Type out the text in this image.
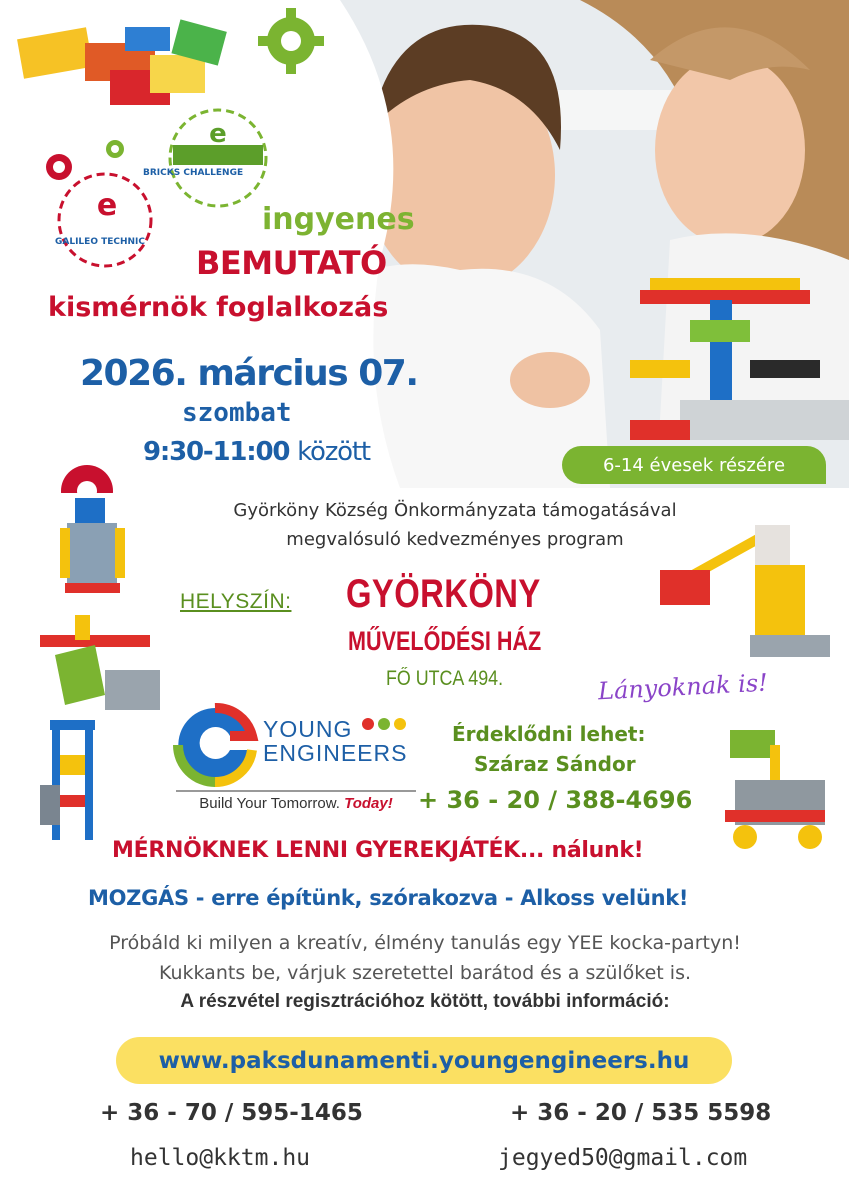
e
BRICKS CHALLENGE
e
GALILEO TECHNIC
ingyenes
BEMUTATÓ
kismérnök foglalkozás
2026. március 07.
szombat
9:30-11:00 között	6-14 évesek részére
Györköny Község Önkormányzata támogatásával
megvalósuló kedvezményes program
HELYSZÍN: GYÖRKÖNY
MŰVELŐDÉSI HÁZ
FŐ UTCA 494.	Lányoknak is!
YOUNG
ENGINEERS
Build Your Tomorrow. Today!
Érdeklődni lehet:
Száraz Sándor
+ 36 - 20 / 388-4696
MÉRNÖKNEK LENNI GYEREKJÁTÉK... nálunk!
MOZGÁS - erre építünk, szórakozva - Alkoss velünk!
Próbáld ki milyen a kreatív, élmény tanulás egy YEE kocka-partyn!
Kukkants be, várjuk szeretettel barátod és a szülőket is.
A részvétel regisztrációhoz kötött, további információ:
www.paksdunamenti.youngengineers.hu
+ 36 - 70 / 595-1465	+ 36 - 20 / 535 5598
hello@kktm.hu	jegyed50@gmail.com
